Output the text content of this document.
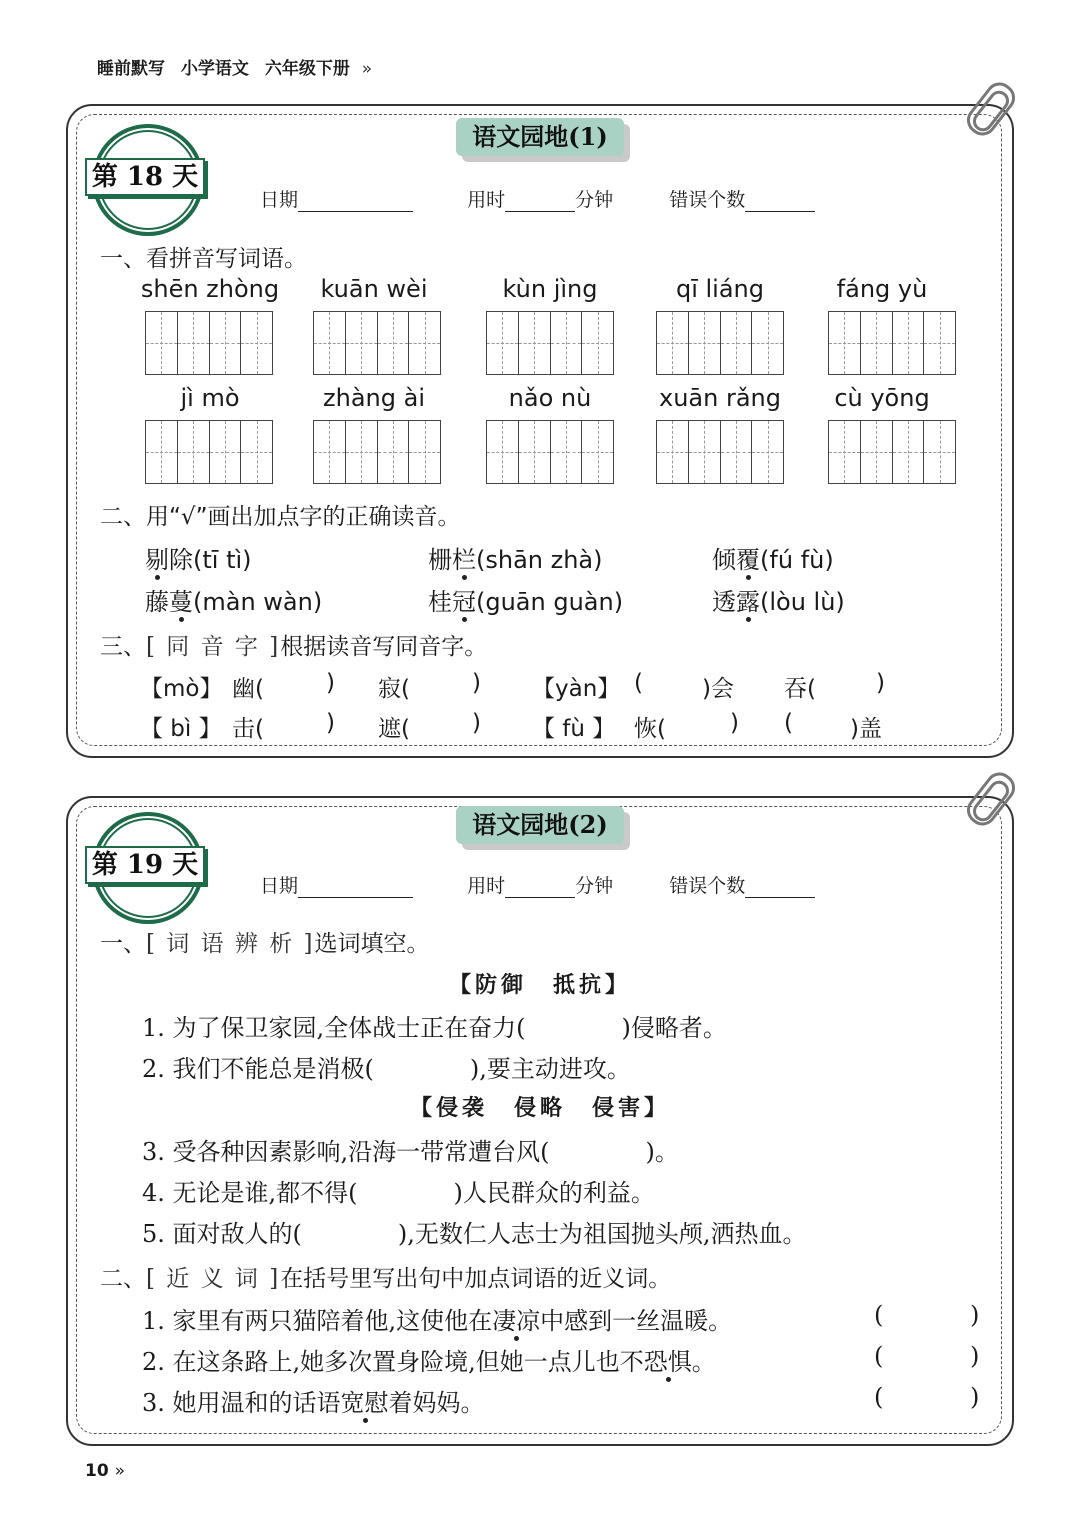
睡前默写 小学语文 六年级下册 »
语文园地(1)
第 18 天
日期	用时	分钟	错误个数
一、看拼音写词语。
shēn zhòng	kuān wèi	kùn jìng	qī liáng	fáng yù
jì mò	zhàng ài	nǎo nù	xuān rǎng	cù yōng
二、用“√”画出加点字的正确读音。
剔除(tī tì)	栅栏(shān zhà)	倾覆(fú fù)
藤蔓(màn wàn)	桂冠(guān guàn)	透露(lòu lù)
三、[ 同 音 字 ]根据读音写同音字。
【mò】 幽(	) 寂(	) 【yàn】 (	)会 吞(	)
【 bì 】 击(	) 遮(	) 【 fù 】 恢(	) ( )盖
语文园地(2)
第 19 天
日期	用时	分钟	错误个数
一、[ 词 语 辨 析 ]选词填空。
【防御　抵抗】
1. 为了保卫家园,全体战士正在奋力(　　　　)侵略者。
2. 我们不能总是消极(　　　　),要主动进攻。
【侵袭　侵略　侵害】
3. 受各种因素影响,沿海一带常遭台风(　　　　)。
4. 无论是谁,都不得(　　　　)人民群众的利益。
5. 面对敌人的(　　　　),无数仁人志士为祖国抛头颅,洒热血。
二、[ 近 义 词 ]在括号里写出句中加点词语的近义词。
1. 家里有两只猫陪着他,这使他在凄凉中感到一丝温暖。	(	)
2. 在这条路上,她多次置身险境,但她一点儿也不恐惧。	(	)
3. 她用温和的话语宽慰着妈妈。	(	)
10 »
